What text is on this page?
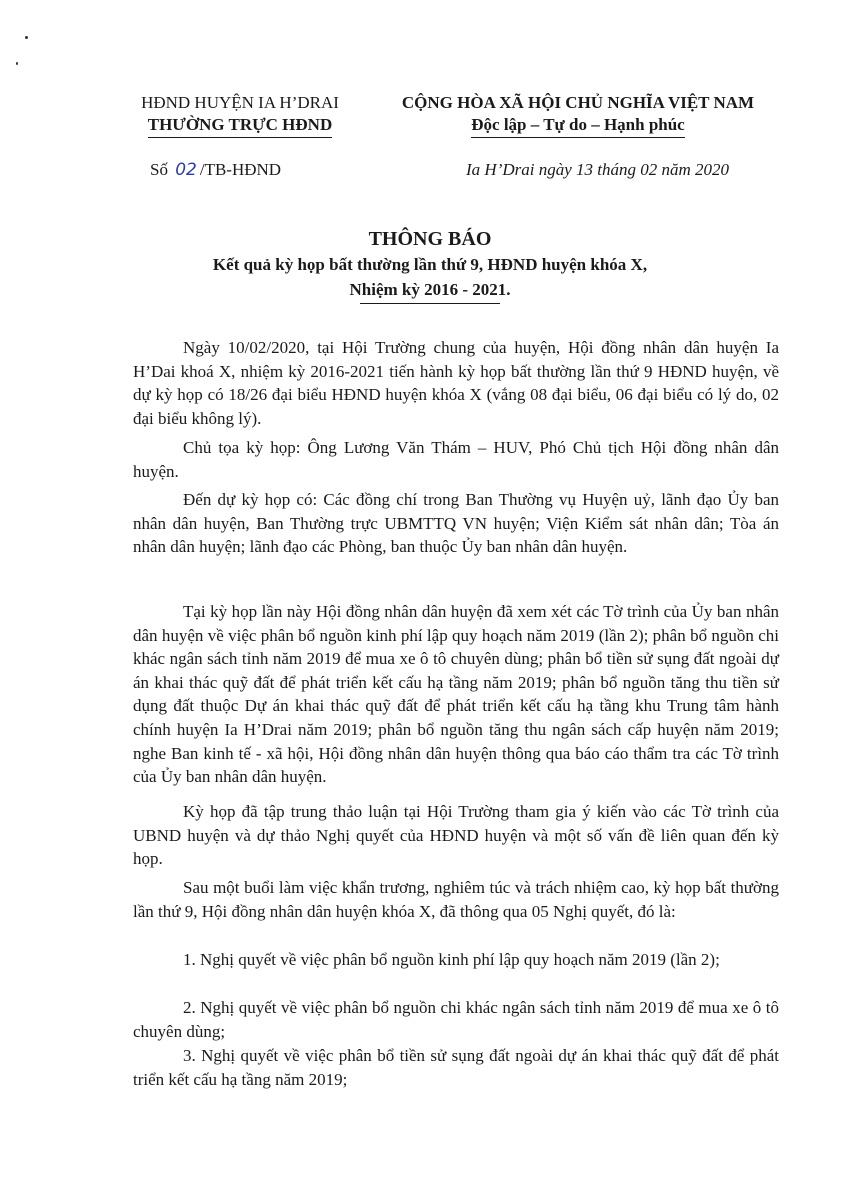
HĐND HUYỆN IA H’DRAI
THƯỜNG TRỰC HĐND
CỘNG HÒA XÃ HỘI CHỦ NGHĨA VIỆT NAM
Độc lập – Tự do – Hạnh phúc
Số 02 /TB-HĐND	Ia H’Drai ngày 13 tháng 02 năm 2020
THÔNG BÁO
Kết quả kỳ họp bất thường lần thứ 9, HĐND huyện khóa X,
Nhiệm kỳ 2016 - 2021.
Ngày 10/02/2020, tại Hội Trường chung của huyện, Hội đồng nhân dân huyện Ia H’Dai khoá X, nhiệm kỳ 2016-2021 tiến hành kỳ họp bất thường lần thứ 9 HĐND huyện, về dự kỳ họp có 18/26 đại biểu HĐND huyện khóa X (vắng 08 đại biểu, 06 đại biểu có lý do, 02 đại biểu không lý).
Chủ tọa kỳ họp: Ông Lương Văn Thám – HUV, Phó Chủ tịch Hội đồng nhân dân huyện.
Đến dự kỳ họp có: Các đồng chí trong Ban Thường vụ Huyện uỷ, lãnh đạo Ủy ban nhân dân huyện, Ban Thường trực UBMTTQ VN huyện; Viện Kiểm sát nhân dân; Tòa án nhân dân huyện; lãnh đạo các Phòng, ban thuộc Ủy ban nhân dân huyện.
Tại kỳ họp lần này Hội đồng nhân dân huyện đã xem xét các Tờ trình của Ủy ban nhân dân huyện về việc phân bổ nguồn kinh phí lập quy hoạch năm 2019 (lần 2); phân bổ nguồn chi khác ngân sách tỉnh năm 2019 để mua xe ô tô chuyên dùng; phân bổ tiền sử sụng đất ngoài dự án khai thác quỹ đất để phát triển kết cấu hạ tầng năm 2019; phân bổ nguồn tăng thu tiền sử dụng đất thuộc Dự án khai thác quỹ đất để phát triển kết cấu hạ tầng khu Trung tâm hành chính huyện Ia H’Drai năm 2019; phân bổ nguồn tăng thu ngân sách cấp huyện năm 2019; nghe Ban kinh tế - xã hội, Hội đồng nhân dân huyện thông qua báo cáo thẩm tra các Tờ trình của Ủy ban nhân dân huyện.
Kỳ họp đã tập trung thảo luận tại Hội Trường tham gia ý kiến vào các Tờ trình của UBND huyện và dự thảo Nghị quyết của HĐND huyện và một số vấn đề liên quan đến kỳ họp.
Sau một buổi làm việc khẩn trương, nghiêm túc và trách nhiệm cao, kỳ họp bất thường lần thứ 9, Hội đồng nhân dân huyện khóa X, đã thông qua 05 Nghị quyết, đó là:
1. Nghị quyết về việc phân bổ nguồn kinh phí lập quy hoạch năm 2019 (lần 2);
2. Nghị quyết về việc phân bổ nguồn chi khác ngân sách tỉnh năm 2019 để mua xe ô tô chuyên dùng;
3. Nghị quyết về việc phân bổ tiền sử sụng đất ngoài dự án khai thác quỹ đất để phát triển kết cấu hạ tầng năm 2019;
